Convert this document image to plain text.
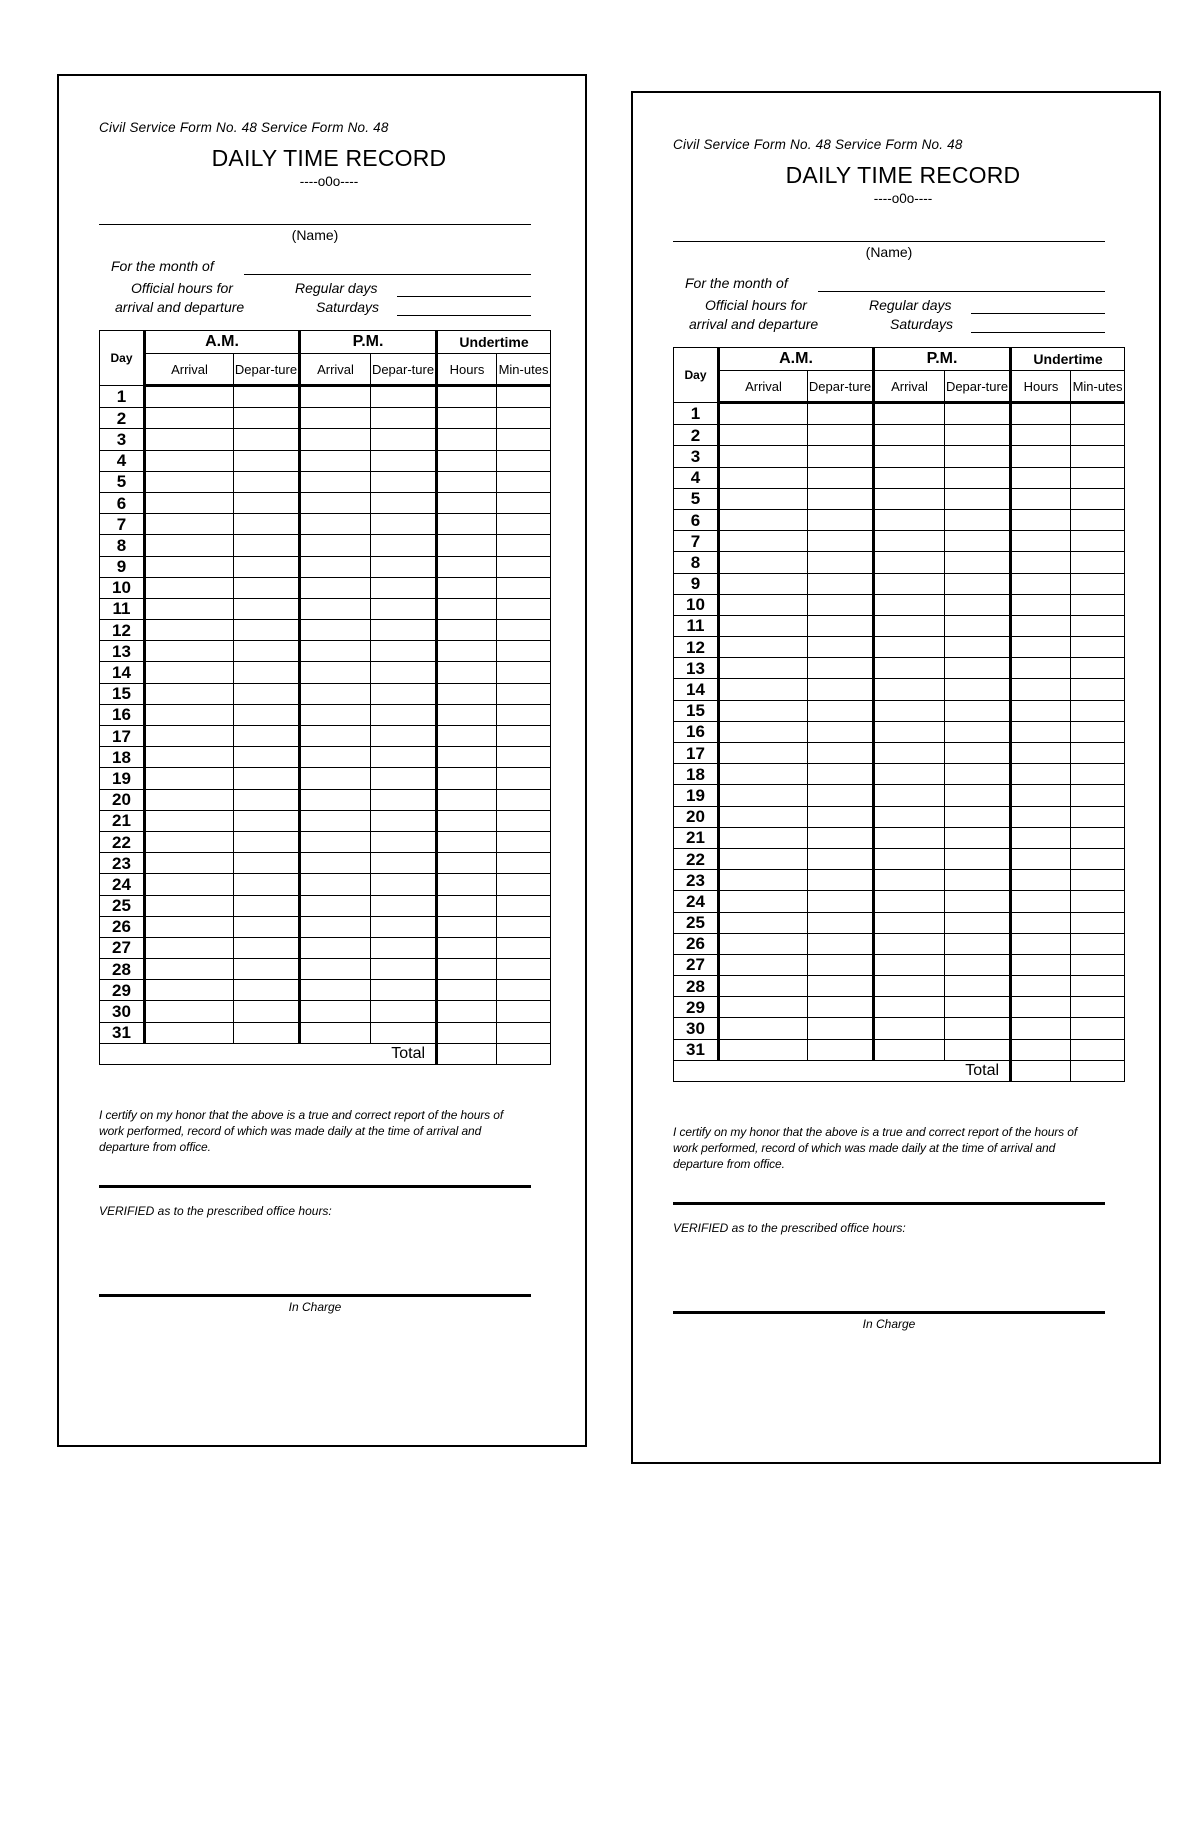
Civil Service Form No. 48 Service Form No. 48
DAILY TIME RECORD
----o0o----
(Name)
For the month of
Official hours for
arrival and departure
Regular days
Saturdays
Day	A.M.		P.M.		Undertime	
	Arrival	Depar-ture	Arrival	Depar-ture	Hours	Min-utes
1						
2						
3						
4						
5						
6						
7						
8						
9						
10						
11						
12						
13						
14						
15						
16						
17						
18						
19						
20						
21						
22						
23						
24						
25						
26						
27						
28						
29						
30						
31						
Total						
I certify on my honor that the above is a true and correct report of the hours of work performed, record of which was made daily at the time of arrival and departure from office.
VERIFIED as to the prescribed office hours:
In Charge
Civil Service Form No. 48 Service Form No. 48
DAILY TIME RECORD
----o0o----
(Name)
For the month of
Official hours for
arrival and departure
Regular days
Saturdays
Day	A.M.		P.M.		Undertime	
	Arrival	Depar-ture	Arrival	Depar-ture	Hours	Min-utes
1						
2						
3						
4						
5						
6						
7						
8						
9						
10						
11						
12						
13						
14						
15						
16						
17						
18						
19						
20						
21						
22						
23						
24						
25						
26						
27						
28						
29						
30						
31						
Total						
I certify on my honor that the above is a true and correct report of the hours of work performed, record of which was made daily at the time of arrival and departure from office.
VERIFIED as to the prescribed office hours:
In Charge
